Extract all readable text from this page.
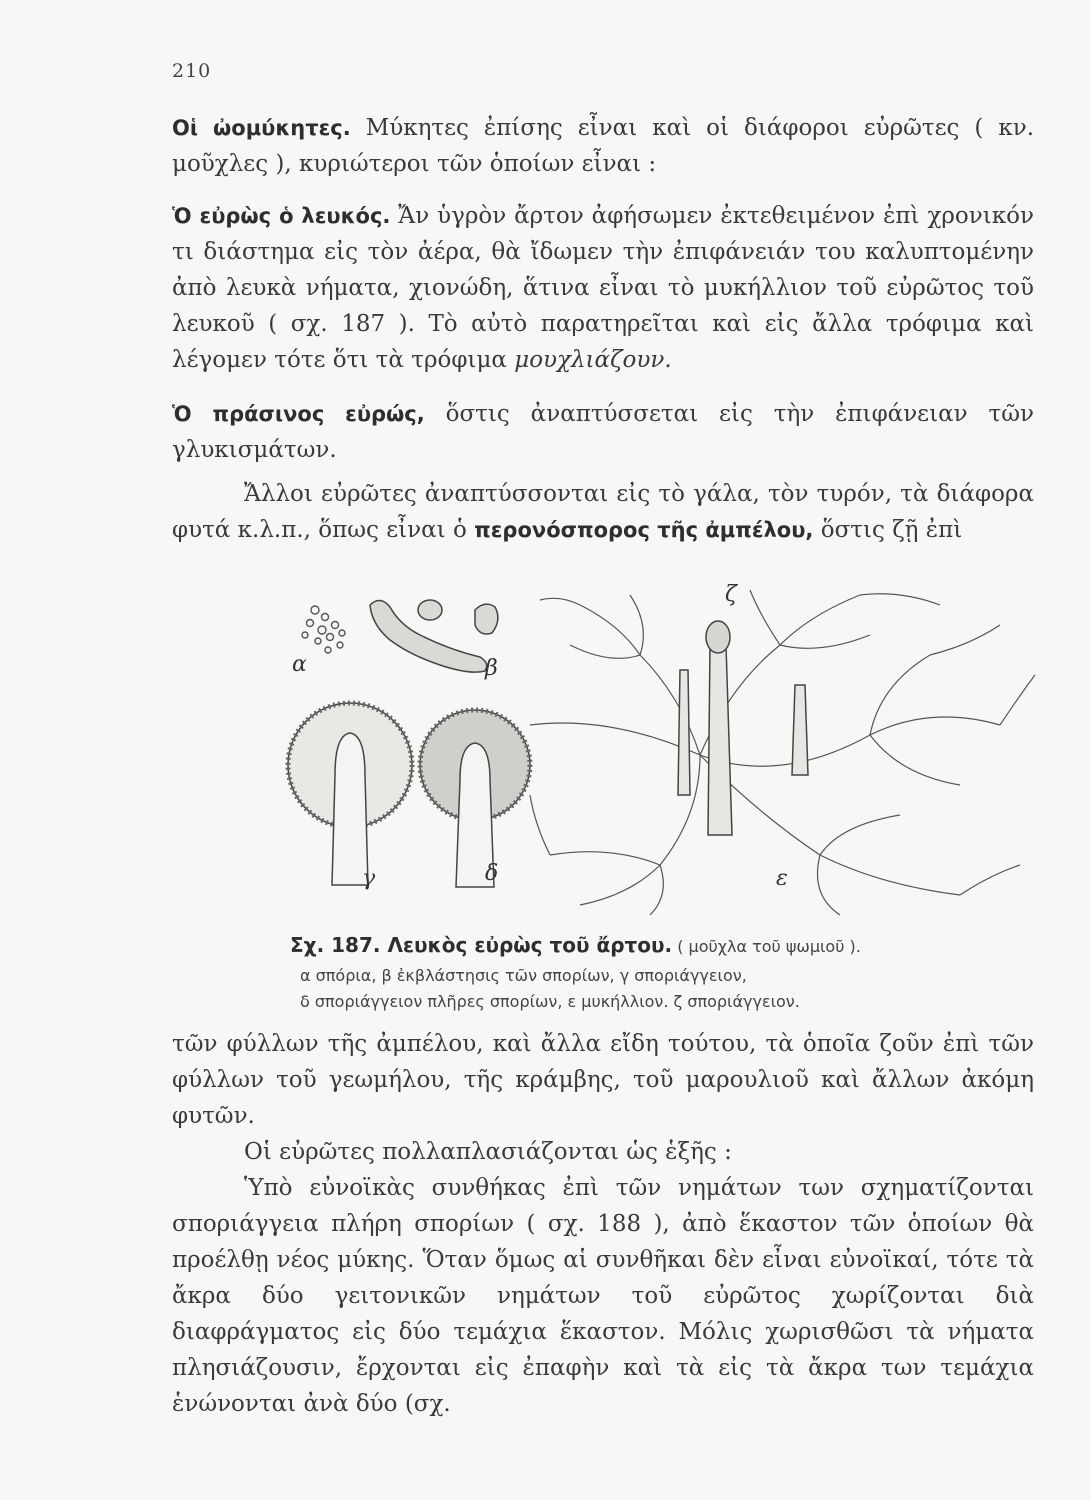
210

Οἱ ὠομύκητες. Μύκητες ἐπίσης εἶναι καὶ οἱ διάφοροι εὐρῶτες ( κν. μοῦχλες ), κυριώτεροι τῶν ὁποίων εἶναι :

Ὁ εὐρὼς ὁ λευκός. Ἄν ὑγρὸν ἄρτον ἀφήσωμεν ἐκτεθειμένον ἐπὶ χρονικόν τι διάστημα εἰς τὸν ἀέρα, θὰ ἴδωμεν τὴν ἐπιφάνειάν του καλυπτομένην ἀπὸ λευκὰ νήματα, χιονώδη, ἅτινα εἶναι τὸ μυκήλλιον τοῦ εὐρῶτος τοῦ λευκοῦ ( σχ. 187 ). Τὸ αὐτὸ παρατηρεῖται καὶ εἰς ἄλλα τρόφιμα καὶ λέγομεν τότε ὅτι τὰ τρόφιμα μουχλιάζουν.

Ὁ πράσινος εὐρώς, ὅστις ἀναπτύσσεται εἰς τὴν ἐπιφάνειαν τῶν γλυκισμάτων.

Ἄλλοι εὐρῶτες ἀναπτύσσονται εἰς τὸ γάλα, τὸν τυρόν, τὰ διάφορα φυτά κ.λ.π., ὅπως εἶναι ὁ περονόσπορος τῆς ἀμπέλου, ὅστις ζῇ ἐπὶ

α	β
γ	δ	ε
ζ
Σχ. 187. Λευκὸς εὐρὼς τοῦ ἄρτου. ( μοῦχλα τοῦ ψωμιοῦ ).
α σπόρια, β ἐκβλάστησις τῶν σπορίων, γ σποριάγγειον,
δ σποριάγγειον πλῆρες σπορίων, ε μυκήλλιον. ζ σποριάγγειον.

τῶν φύλλων τῆς ἀμπέλου, καὶ ἄλλα εἴδη τούτου, τὰ ὁποῖα ζοῦν ἐπὶ τῶν φύλλων τοῦ γεωμήλου, τῆς κράμβης, τοῦ μαρουλιοῦ καὶ ἄλλων ἀκόμη φυτῶν.

Οἱ εὐρῶτες πολλαπλασιάζονται ὡς ἑξῆς :

Ὑπὸ εὐνοϊκὰς συνθήκας ἐπὶ τῶν νημάτων των σχηματίζονται σποριάγγεια πλήρη σπορίων ( σχ. 188 ), ἀπὸ ἕκαστον τῶν ὁποίων θὰ προέλθῃ νέος μύκης. Ὅταν ὅμως αἱ συνθῆκαι δὲν εἶναι εὐνοϊκαί, τότε τὰ ἄκρα δύο γειτονικῶν νημάτων τοῦ εὐρῶτος χωρίζονται διὰ διαφράγματος εἰς δύο τεμάχια ἕκαστον. Μόλις χωρισθῶσι τὰ νήματα πλησιάζουσιν, ἔρχονται εἰς ἐπαφὴν καὶ τὰ εἰς τὰ ἄκρα των τεμάχια ἑνώνονται ἀνὰ δύο (σχ.
